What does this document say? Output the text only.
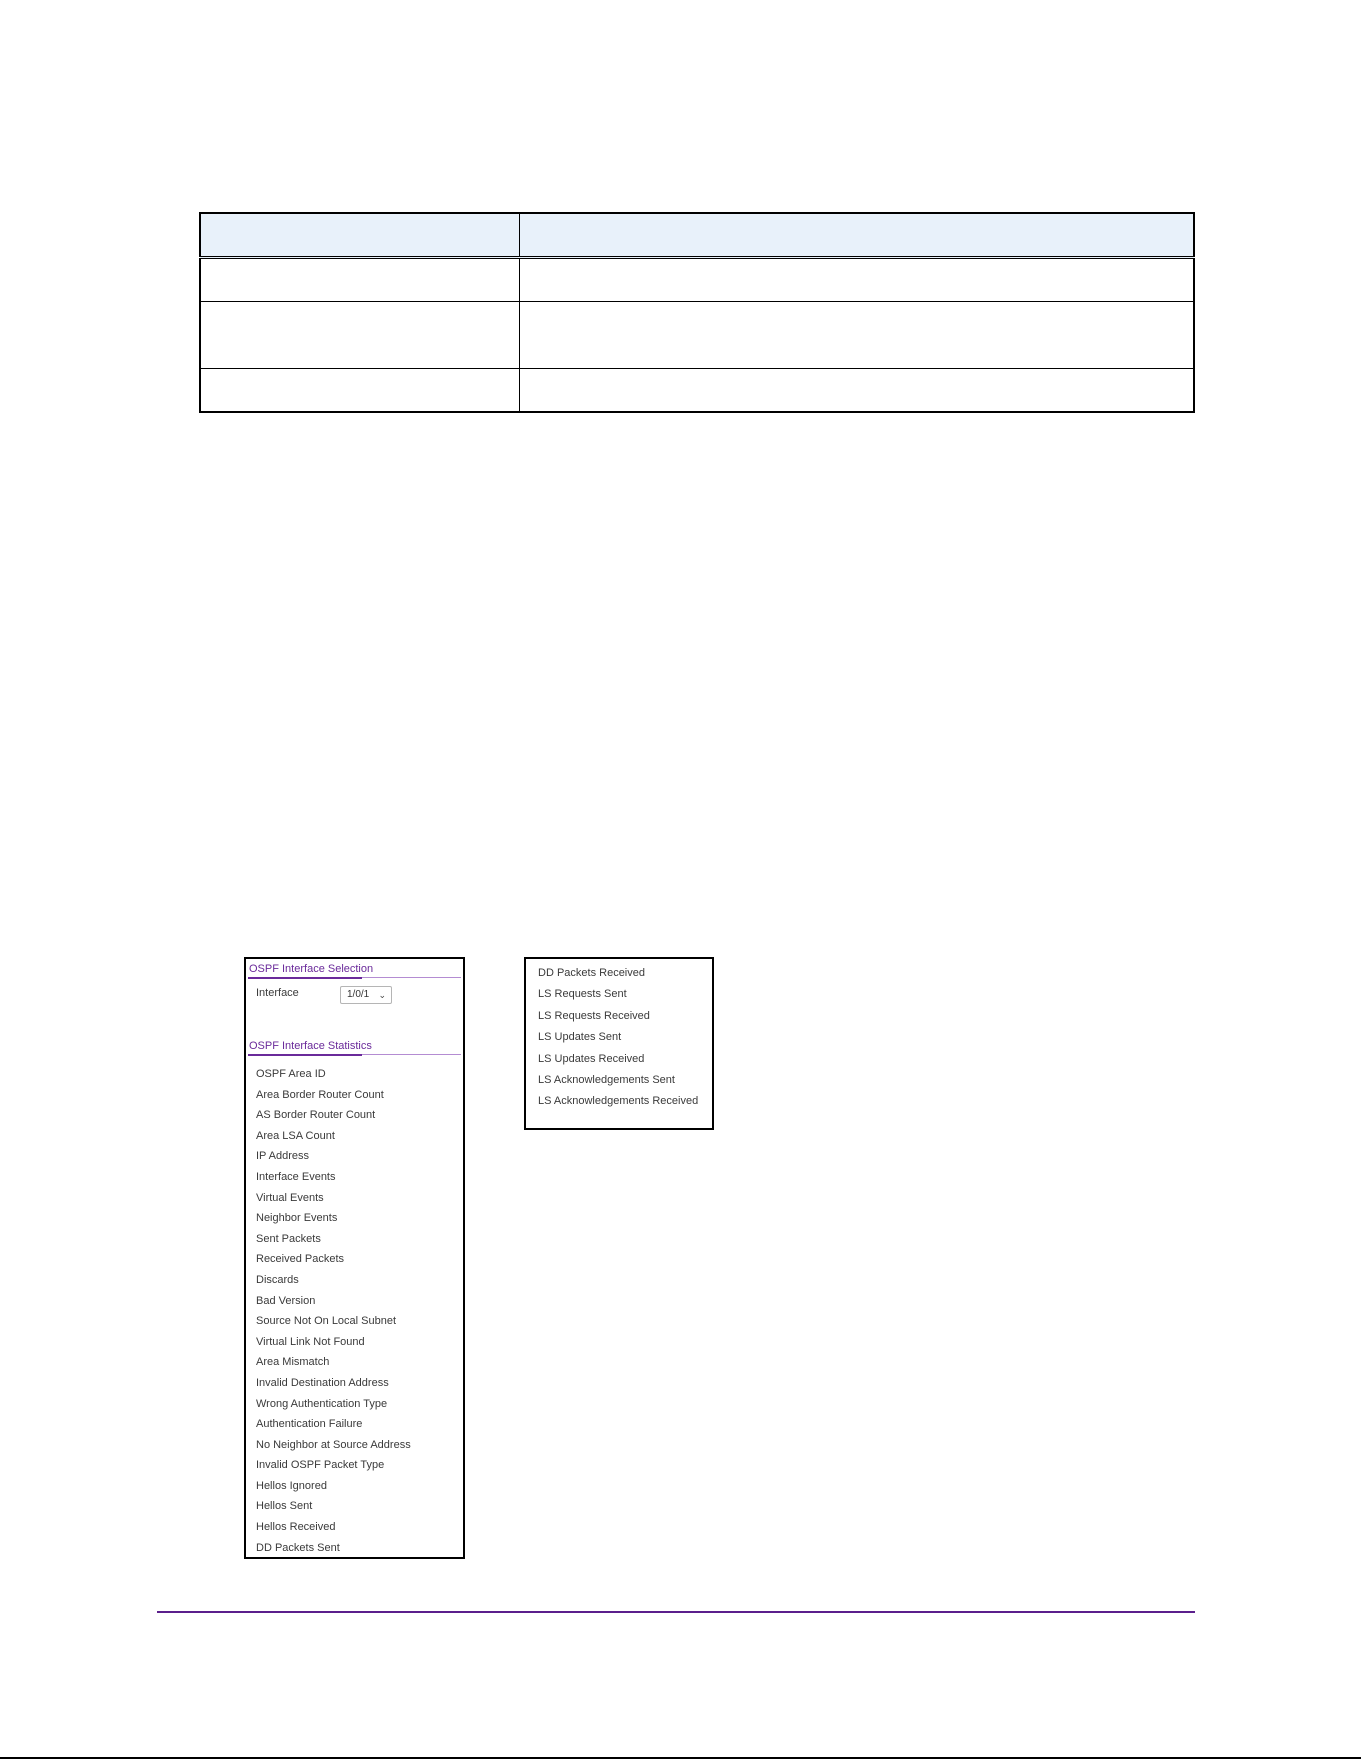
OSPF Interface Selection
Interface	1/0/1 ⌄
OSPF Interface Statistics
OSPF Area ID
Area Border Router Count
AS Border Router Count
Area LSA Count
IP Address
Interface Events
Virtual Events
Neighbor Events
Sent Packets
Received Packets
Discards
Bad Version
Source Not On Local Subnet
Virtual Link Not Found
Area Mismatch
Invalid Destination Address
Wrong Authentication Type
Authentication Failure
No Neighbor at Source Address
Invalid OSPF Packet Type
Hellos Ignored
Hellos Sent
Hellos Received
DD Packets Sent
DD Packets Received
LS Requests Sent
LS Requests Received
LS Updates Sent
LS Updates Received
LS Acknowledgements Sent
LS Acknowledgements Received
